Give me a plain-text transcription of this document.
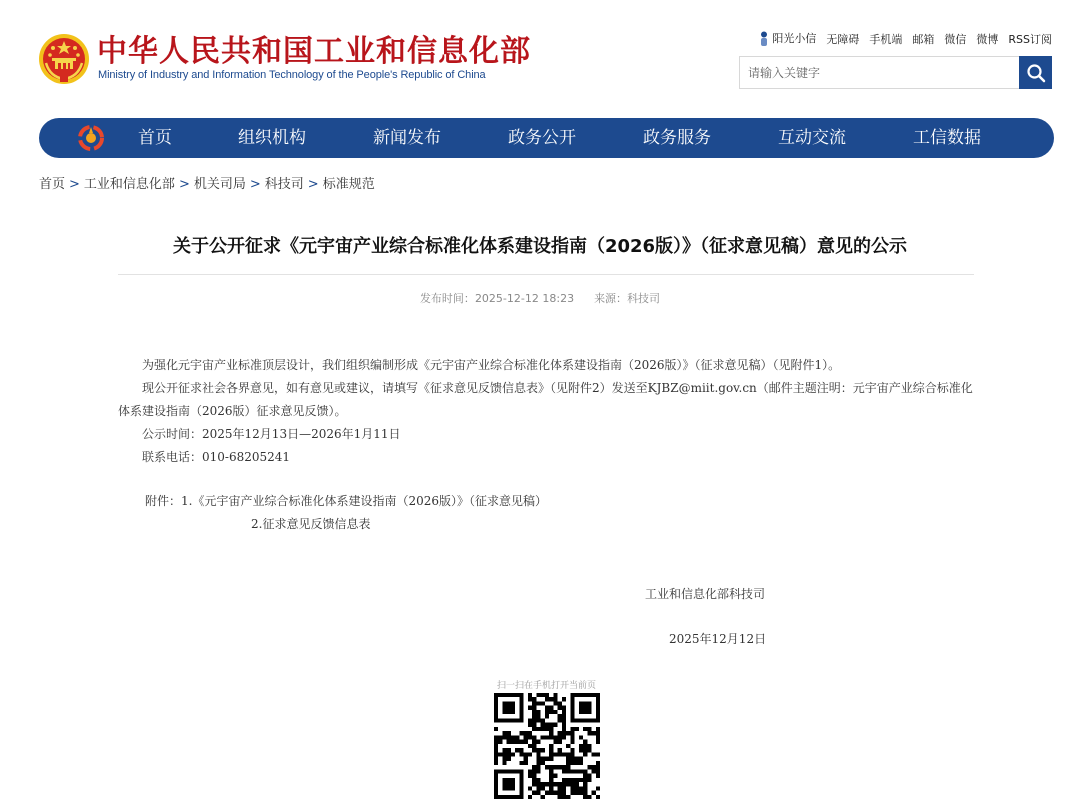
中华人民共和国工业和信息化部
Ministry of Industry and Information Technology of the People's Republic of China
阳光小信 无障碍 手机端 邮箱 微信 微博 RSS订阅
请输入关键字
首页	组织机构	新闻发布	政务公开	政务服务	互动交流	工信数据
首页 > 工业和信息化部 > 机关司局 > 科技司 > 标准规范
关于公开征求《元宇宙产业综合标准化体系建设指南（2026版）》（征求意见稿）意见的公示
发布时间：2025-12-12 18:23 来源：科技司

为强化元宇宙产业标准顶层设计，我们组织编制形成《元宇宙产业综合标准化体系建设指南（2026版）》（征求意见稿）（见附件1）。

现公开征求社会各界意见，如有意见或建议，请填写《征求意见反馈信息表》（见附件2）发送至KJBZ@miit.gov.cn（邮件主题注明：元宇宙产业综合标准化体系建设指南（2026版）征求意见反馈）。

公示时间：2025年12月13日—2026年1月11日

联系电话：010-68205241

附件：1.《元宇宙产业综合标准化体系建设指南（2026版）》（征求意见稿）
2.征求意见反馈信息表
工业和信息化部科技司
2025年12月12日
扫一扫在手机打开当前页
